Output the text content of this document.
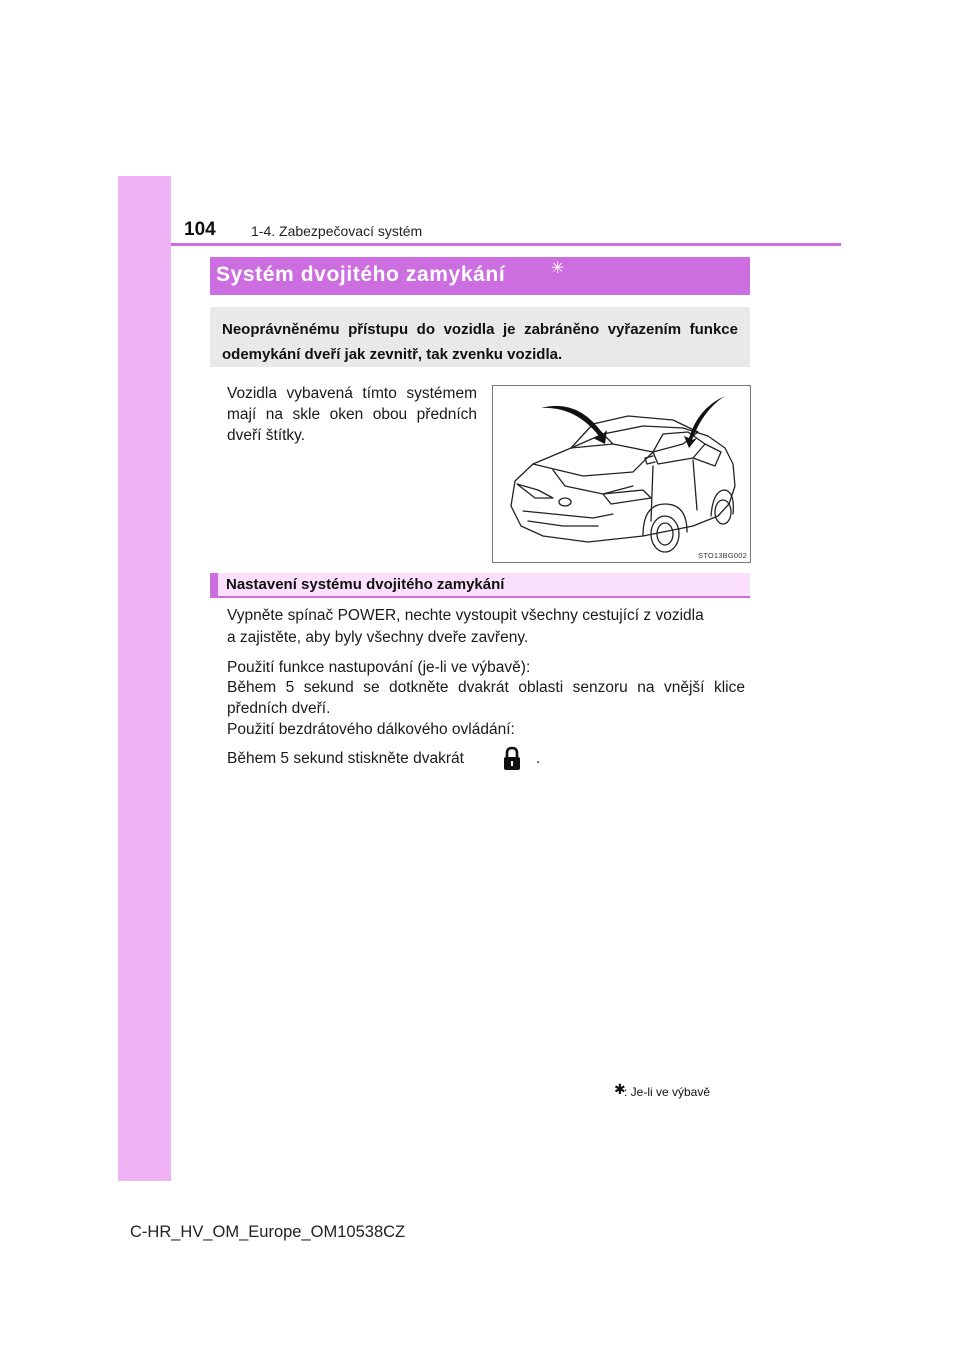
104	1-4. Zabezpečovací systém
Systém dvojitého zamykání	✳
Neoprávněnému přístupu do vozidla je zabráněno vyřazením funkce odemykání dveří jak zevnitř, tak zvenku vozidla.
Vozidla vybavená tímto systémem mají na skle oken obou předních dveří štítky.
STO13BG002
Nastavení systému dvojitého zamykání
Vypněte spínač POWER, nechte vystoupit všechny cestující z vozidla
a zajistěte, aby byly všechny dveře zavřeny.
Použití funkce nastupování (je-li ve výbavě):
Během 5 sekund se dotkněte dvakrát oblasti senzoru na vnější klice
předních dveří.
Použití bezdrátového dálkového ovládání:
Během 5 sekund stiskněte dvakrát	.
✱
: Je-li ve výbavě
C-HR_HV_OM_Europe_OM10538CZ
